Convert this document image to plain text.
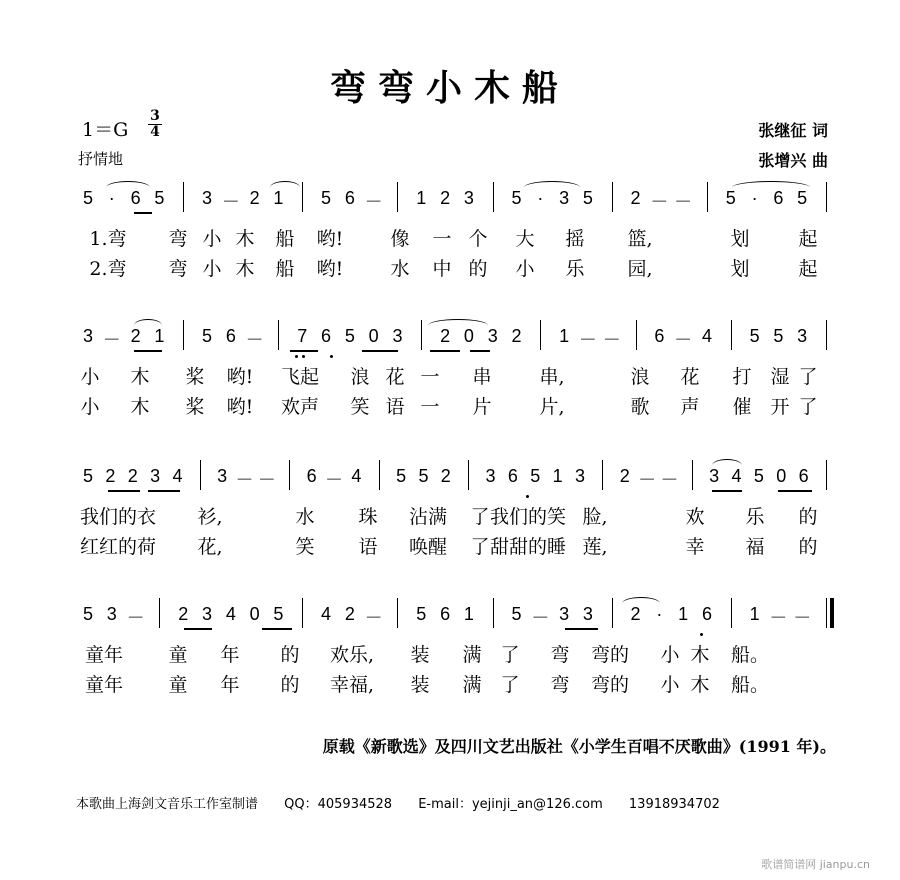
弯弯小木船
1＝G
3
4
抒情地
张继征 词
张增兴 曲
5 · 6 5 3 － 2 1 5 6 － 1 2 3 5 · 3 5 2 － － 5 · 6 5
1.弯 弯 小 木 船 哟! 像 一 个 大 摇 篮,	划	起
2.弯 弯 小 木 船 哟! 水 中 的 小 乐 园,	划	起
3 － 2 1 5 6 － 7 6 5 0 3 2 0 3 2 1 － － 6 － 4 5 5 3
小 木 桨 哟! 飞起 浪 花 一 串	串,	浪 花 打 湿 了
小 木 桨 哟! 欢声 笑 语 一 片	片,	歌 声 催 开 了
5 2 2 3 4 3 － － 6 － 4 5 5 2 3 6 5 1 3 2 － － 3 4 5 0 6
我们的衣 衫,	水 珠 沾满 了 我们的笑 脸,	欢 乐 的
红红的荷 花,	笑 语 唤醒 了 甜甜的睡 莲,	幸 福 的
5 3 － 2 3 4 0 5 4 2 － 5 6 1 5 － 3 3 2 · 1 6 1 － －
童年 童 年 的 欢乐, 装 满 了 弯 弯的 小 木 船。
童年 童 年 的 幸福, 装 满 了 弯 弯的 小 木 船。
原载《新歌选》及四川文艺出版社《小学生百唱不厌歌曲》(1991 年)。
本歌曲上海剑文音乐工作室制谱 QQ：405934528 E-mail：yejinji_an@126.com 13918934702
歌谱简谱网 jianpu.cn
